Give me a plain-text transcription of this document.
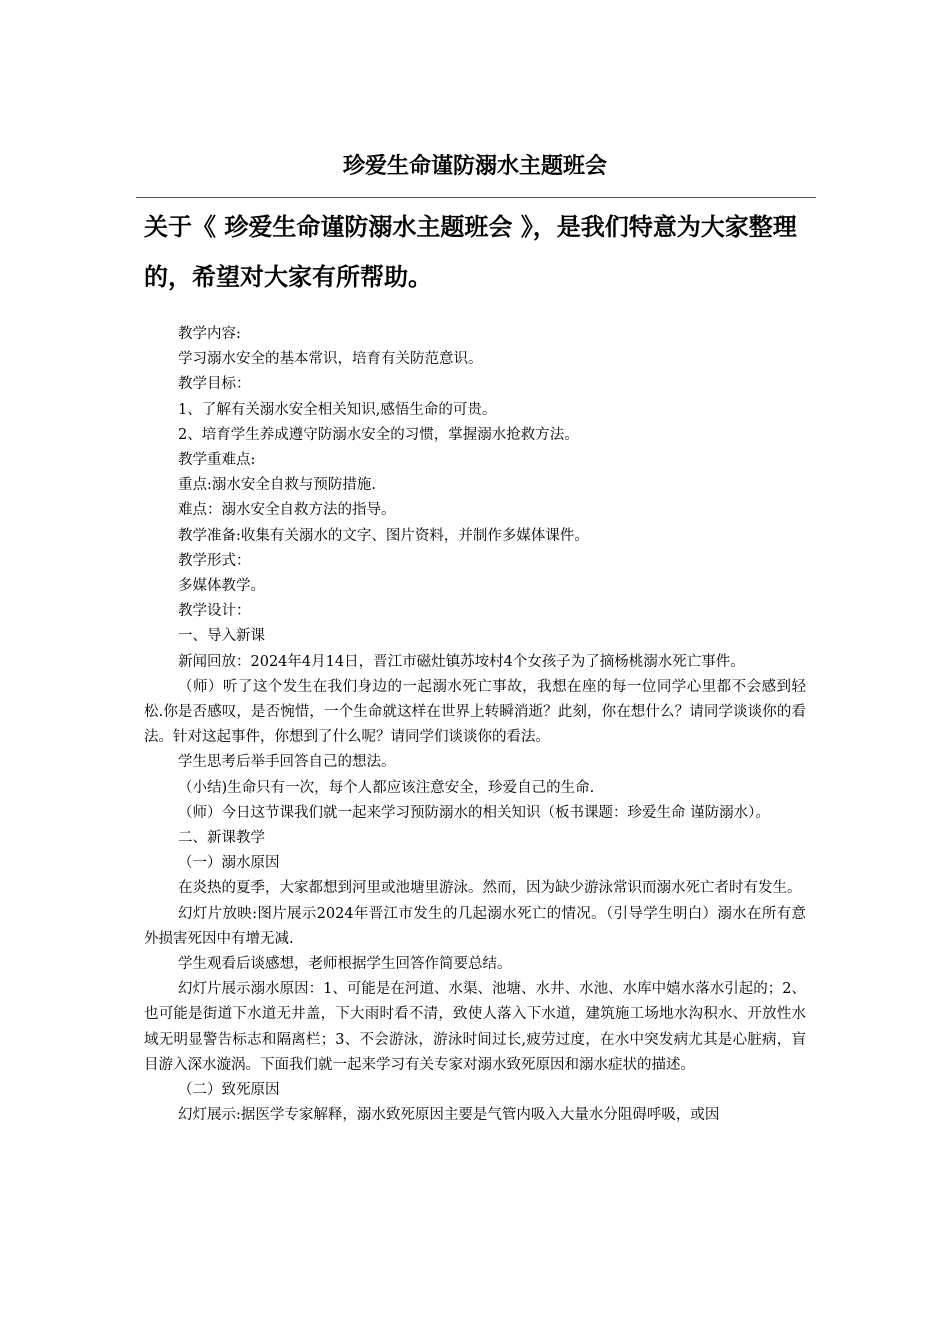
珍爱生命谨防溺水主题班会

关于《 珍爱生命谨防溺水主题班会 》，是我们特意为大家整理的，希望对大家有所帮助。

教学内容:

学习溺水安全的基本常识，培育有关防范意识。

教学目标：

1、了解有关溺水安全相关知识,感悟生命的可贵。

2、培育学生养成遵守防溺水安全的习惯，掌握溺水抢救方法。

教学重难点:

重点:溺水安全自救与预防措施.

难点：溺水安全自救方法的指导。

教学准备:收集有关溺水的文字、图片资料，并制作多媒体课件。

教学形式：

多媒体教学。

教学设计：

一、导入新课

新闻回放：2024年4月14日，晋江市磁灶镇苏垵村4个女孩子为了摘杨桃溺水死亡事件。

（师）听了这个发生在我们身边的一起溺水死亡事故，我想在座的每一位同学心里都不会感到轻松.你是否感叹，是否惋惜，一个生命就这样在世界上转瞬消逝？此刻，你在想什么？请同学谈谈你的看法。针对这起事件，你想到了什么呢？请同学们谈谈你的看法。

学生思考后举手回答自己的想法。

（小结)生命只有一次，每个人都应该注意安全，珍爱自己的生命.

（师）今日这节课我们就一起来学习预防溺水的相关知识（板书课题：珍爱生命 谨防溺水）。

二、新课教学

（一）溺水原因

在炎热的夏季，大家都想到河里或池塘里游泳。然而，因为缺少游泳常识而溺水死亡者时有发生。

幻灯片放映:图片展示2024年晋江市发生的几起溺水死亡的情况。（引导学生明白）溺水在所有意外损害死因中有增无减.

学生观看后谈感想，老师根据学生回答作简要总结。

幻灯片展示溺水原因：1、可能是在河道、水渠、池塘、水井、水池、水库中嬉水落水引起的；2、也可能是街道下水道无井盖，下大雨时看不清，致使人落入下水道，建筑施工场地水沟积水、开放性水域无明显警告标志和隔离栏；3、不会游泳，游泳时间过长,疲劳过度，在水中突发病尤其是心脏病，盲目游入深水漩涡。下面我们就一起来学习有关专家对溺水致死原因和溺水症状的描述。

（二）致死原因

幻灯展示:据医学专家解释，溺水致死原因主要是气管内吸入大量水分阻碍呼吸，或因
